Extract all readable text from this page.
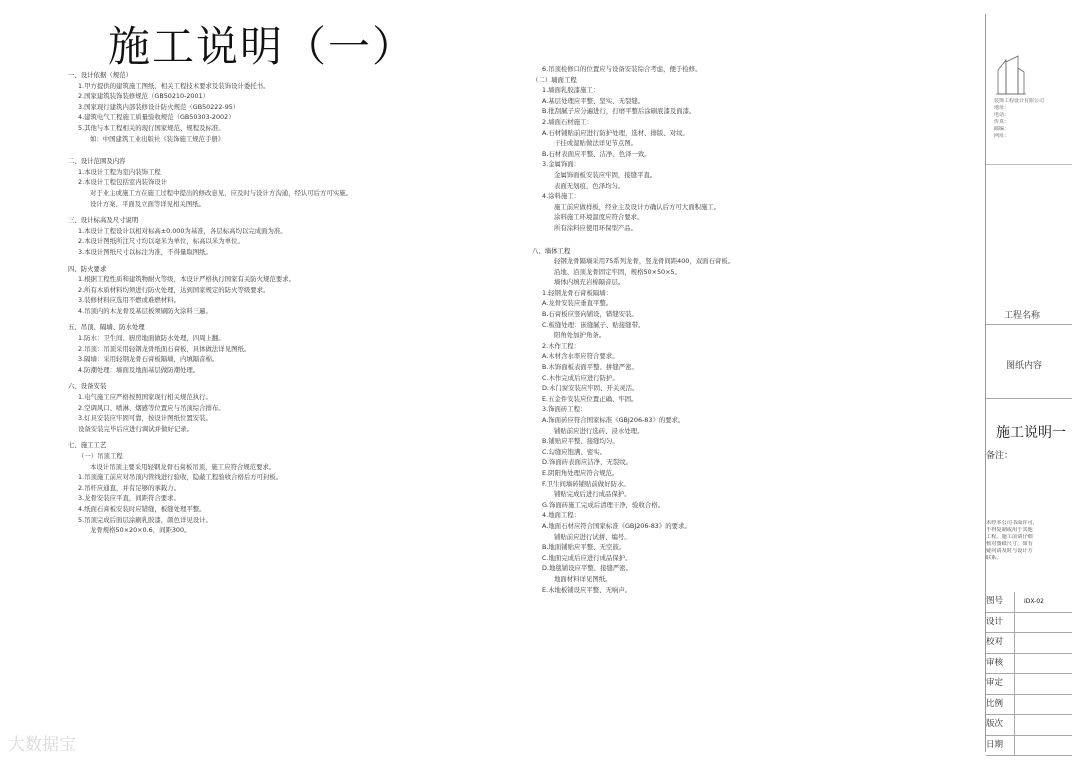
施工说明（一）

一、设计依据（规范）

1.甲方提供的建筑施工图纸、相关工程技术要求及装饰设计委托书。

2.国家建筑装饰装修规范（GB50210-2001）

3.国家现行建筑内部装修设计防火规范（GB50222-95）

4.建筑电气工程施工质量验收规范（GB50303-2002）

5.其他与本工程相关的现行国家规范、规程及标准。

如：中国建筑工业出版社《装饰施工规范手册》

二、设计范围及内容

1.本设计工程为室内装饰工程

2.本设计工程包括室内装饰设计

对于业主或施工方在施工过程中提出的修改意见，应及时与设计方沟通，经认可后方可实施。

设计方案、平面及立面等详见相关图纸。

三、设计标高及尺寸说明

1.本设计工程设计以相对标高±0.000为基准，各层标高均以完成面为准。

2.本设计图纸所注尺寸均以毫米为单位，标高以米为单位。

3.本设计图纸尺寸以标注为准，不得量取图纸。

四、防火要求

1.根据工程性质和建筑物耐火等级，本设计严格执行国家有关防火规范要求。

2.所有木质材料均须进行防火处理，达到国家规定的防火等级要求。

3.装修材料应选用不燃或难燃材料。

4.吊顶内的木龙骨及基层板须刷防火涂料三遍。

五、吊顶、隔墙、防水处理

1.防水：卫生间、厨房地面做防水处理，四周上翻。

2.吊顶：吊顶采用轻钢龙骨纸面石膏板，具体做法详见图纸。

3.隔墙：采用轻钢龙骨石膏板隔墙，内填隔音棉。

4.防潮处理：墙面及地面基层做防潮处理。

六、设备安装

1.电气施工应严格按照国家现行相关规范执行。

2.空调风口、喷淋、烟感等位置应与吊顶综合排布。

3.灯具安装应牢固可靠，按设计图纸位置安装。

设备安装完毕后应进行调试并做好记录。

七、施工工艺

（一）吊顶工程

本设计吊顶主要采用轻钢龙骨石膏板吊顶，施工应符合规范要求。

1.吊顶施工前应对吊顶内管线进行验收，隐蔽工程验收合格后方可封板。

2.吊杆应通直，并有足够的承载力。

3.龙骨安装应平直，间距符合要求。

4.纸面石膏板安装时应错缝，板缝处理平整。

5.吊顶完成后面层涂刷乳胶漆，颜色详见设计。

龙骨规格50×20×0.6，间距300。

6.吊顶检修口的位置应与设备安装综合考虑，便于检修。

（二）墙面工程

1.墙面乳胶漆施工：

A.基层处理应平整、坚实、无裂缝。

B.批刮腻子应分遍进行，打磨平整后涂刷底漆及面漆。

2.墙面石材施工：

A.石材铺贴前应进行防护处理，选材、排版、对纹。

干挂或湿贴做法详见节点图。

B.石材表面应平整、洁净、色泽一致。

3.金属饰面：

金属饰面板安装应牢固，接缝平直。

表面无划痕，色泽均匀。

4.涂料施工：

施工前应做样板，经业主及设计方确认后方可大面积施工。

涂料施工环境温度应符合要求。

所有涂料应使用环保型产品。

八、墙体工程

轻钢龙骨隔墙采用75系列龙骨，竖龙骨间距400，双面石膏板。

沿地、沿顶龙骨固定牢固，规格50×50×5。

墙体内填充岩棉隔音层。

1.轻钢龙骨石膏板隔墙：

A.龙骨安装应垂直平整。

B.石膏板应竖向铺设，错缝安装。

C.板缝处理：嵌缝腻子、贴接缝带。

阳角处加护角条。

2.木作工程：

A.木材含水率应符合要求。

B.木饰面板表面平整、拼缝严密。

C.木作完成后应进行防护。

D.木门窗安装应牢固、开关灵活。

E.五金件安装应位置正确、牢固。

3.饰面砖工程：

A.饰面砖应符合国家标准《GBJ206-83》的要求。

铺贴前应进行选砖、浸水处理。

B.铺贴应平整、接缝均匀。

C.勾缝应饱满、密实。

D.饰面砖表面应洁净，无裂纹。

E.阴阳角处理应符合规范。

F.卫生间墙砖铺贴前做好防水。

铺贴完成后进行成品保护。

G.饰面砖施工完成后清理干净，验收合格。

4.地面工程：

A.地面石材应符合国家标准《GBJ206-83》的要求。

铺贴前应进行试拼、编号。

B.地面铺贴应平整、无空鼓。

C.地面完成后应进行成品保护。

D.地毯铺设应平整、接缝严密。

地面材料详见图纸。

E.木地板铺设应平整、无响声。

装饰工程设计有限公司

地址：

电话：

传真：

邮编：

网址：

工程名称
图纸内容
施工说明一
备注：

未经本公司书面许可，

不得复制或用于其他

工程。施工前请仔细

核对图纸尺寸，如有

疑问请及时与设计方

联系。

图号	IDX-02
设计
校对
审核
审定
比例
版次
日期
大数据宝
